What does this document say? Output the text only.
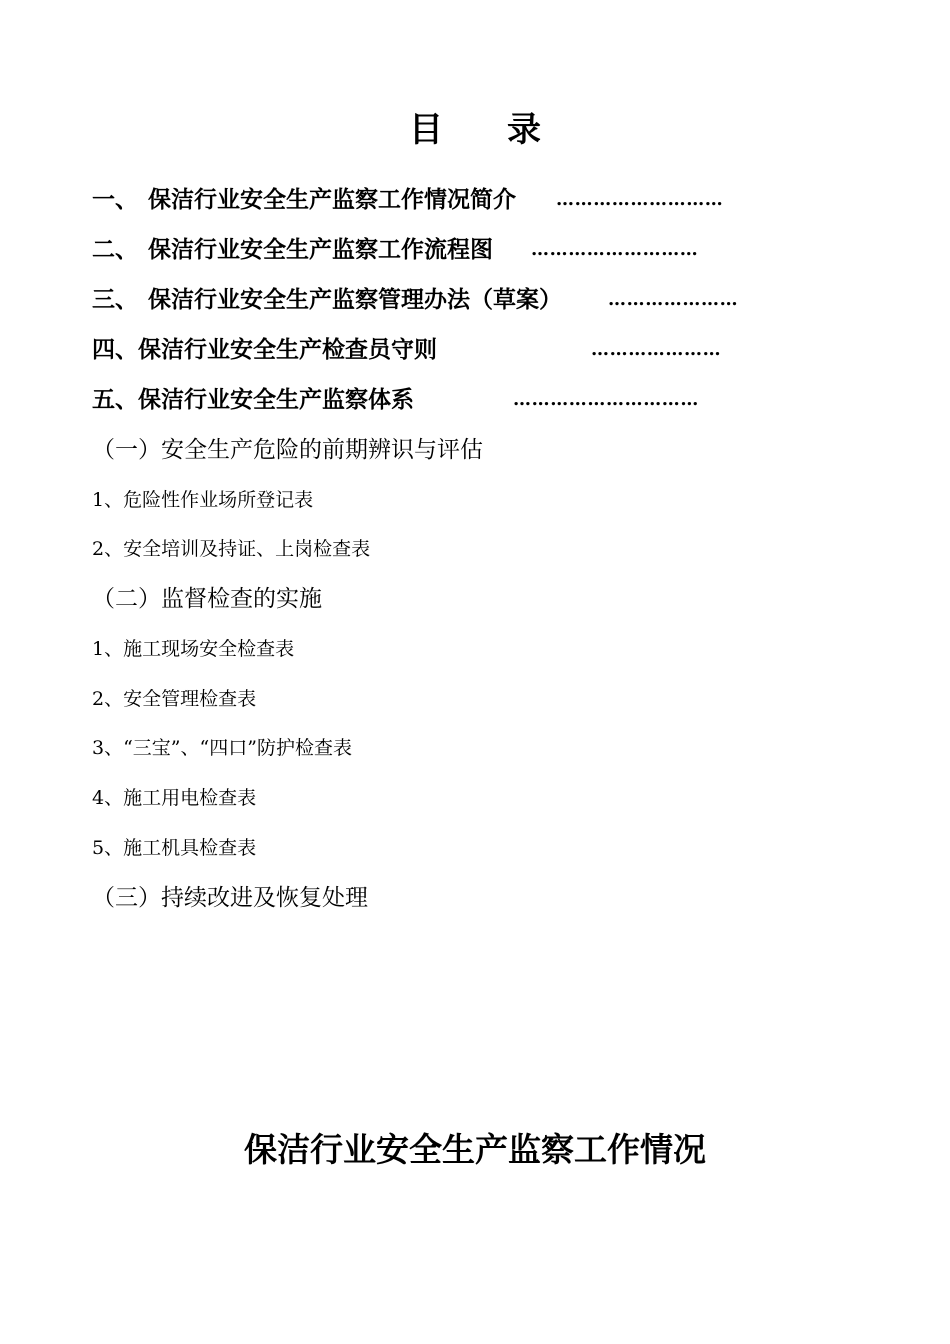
目 录
一、 保洁行业安全生产监察工作情况简介 ………………………
二、 保洁行业安全生产监察工作流程图 ………………………
三、 保洁行业安全生产监察管理办法（草案）	…………………
四、保洁行业安全生产检查员守则	…………………
五、保洁行业安全生产监察体系	…………………………
（一）安全生产危险的前期辨识与评估
1、危险性作业场所登记表
2、安全培训及持证、上岗检查表
（二）监督检查的实施
1、施工现场安全检查表
2、安全管理检查表
3、“三宝”、“四口”防护检查表
4、施工用电检查表
5、施工机具检查表
（三）持续改进及恢复处理
保洁行业安全生产监察工作情况
